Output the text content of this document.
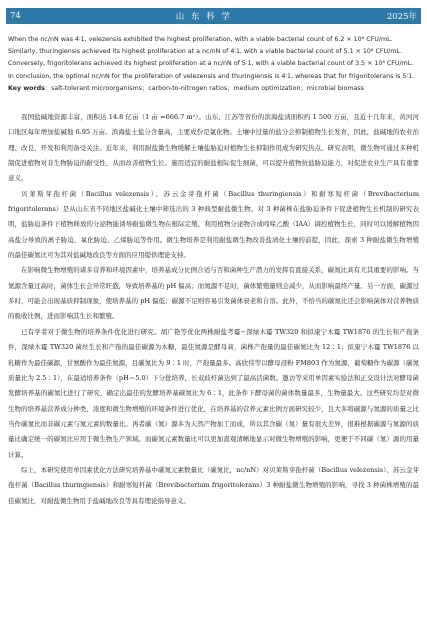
74	山 东 科 学	2025年

When the nc/nN was 4∶1, velezensis exhibited the highest proliferation, with a viable bacterial count of 6.2 × 10⁸ CFU/mL.

Similarly, thuringiensis achieved its highest proliferation at a nc/nN of 4∶1, with a viable bacterial count of 5.1 × 10⁸ CFU/mL.

Conversely, frigoritolerans achieved its highest proliferation at a nc/nN of 5∶1, with a viable bacterial count of 3.5 × 10⁸ CFU/mL.

In conclusion, the optimal nc/nN for the proliferation of velezensis and thuringiensis is 4∶1, whereas that for frigoritolerans is 5∶1.

Key words：salt-tolerant microorganisms；carbon-to-nitrogen ratios；medium optimization；microbial biomass

我国盐碱地资源丰富，面积达 14.8 亿亩（1 亩 =666.7 m²）。山东、江苏等省份的滨海盐渍面积约 1 500 万亩，且近十几年来，黄河河口地区每年增加盐碱地 6.95 万亩。滨海盐土盐分含量高，主要成份是氯化物。土壤中过量的盐分会抑制植物生长发育，因此，盐碱地的农业治理、改良、开发和利用备受关注。近年来，利用耐盐微生物缓解土壤盐胁迫对植物生长抑制作用成为研究热点。研究表明，微生物可通过多种机制促进植物对非生物胁迫的耐受性，从而改善植物生长。施用适宜的耐盐根际促生细菌，可以提升植物抗盐胁迫能力，对促进农业生产具有重要意义。

贝莱斯芽孢杆菌（Bacillus velezensis）、苏云金芽孢杆菌（Bacillus thuringiensis）和耐寒短杆菌（Brevibacterium frigoritolerans）是从山东省不同地区盐碱化土壤中筛选出的 3 种典型耐盐微生物。对 3 种菌株在盐胁迫条件下促进植物生长机制的研究表明，盐胁迫条件下植物释放的分泌物能诱导耐盐微生物在根际定殖，利用植物分泌物合成吲哚乙酸（IAA）调控植物生长，同时可以缓解植物因高盐分导致的离子胁迫、氧化胁迫、乙烯胁迫等作用。微生物培养是利用耐盐微生物改善盐渍化土壤的前提，因此，探索 3 种耐盐微生物增殖的最佳碳氮比可为其对盐碱地改良等方面的应用提供理论支持。

在影响微生物增殖的诸多营养和环境因素中，培养基成分比例合适与否和菌种生产潜力的发挥有直接关系，碳氮比具有尤其重要的影响。当氮源含量过高时，菌体生长会异常旺盛，导致培养基的 pH 偏高；而氮源不足时，菌体繁殖量则会减少，从而影响最终产量。另一方面，碳源过多时，可能会出现基质抑制现象，使培养基的 pH 偏低；碳源不足则容易引发菌体衰老和自溶。此外，不恰当的碳氮比还会影响菌体对营养物质的吸收比例，进而影响其生长和繁殖。

已有学者对于微生物的培养条件优化进行研究。胡广艳等优化两株耐盐考霉−深绿木霉 TW320 和拟康宁木霉 TW1876 的生长和产孢条件，深绿木霉 TW320 菌丝生长和产孢的最佳碳源为木糖，最佳氮源是酵母膏，菌株产孢量的最佳碳氮比为 12∶1；拟康宁木霉 TW1876 以乳糖作为最佳碳源，甘氨酸作为最佳氮源，且碳氮比为 9∶1 时，产孢量最多。高欣伟等以酵母浸粉 FM803 作为氮源，葡萄糖作为碳源（碳氮质量比为 2.5∶1），在最适培养条件（pH＝5.0）下分批培养，长双歧杆菌达到了最高活菌数。邀访等采用单因素实验法和正交设计法对酵母菌发酵培养基的碳氮比进行了研究，确定出最佳的发酵培养基碳氮比为 6∶1，此条件下酵母菌的菌体数量最多，生物量最大。这些研究均是对微生物的培养基营养成分种类、浓度和微生物增殖的环境条件进行优化，在培养基的营养元素比例方面研究较少，且大多将碳源与氮源的质量之比当作碳氮比而非碳元素与氮元素的数量比。再者碳（氮）源多为天然产物加工而成，所以其含碳（氮）量有很大差异，很难根据碳源与氮源的质量比确定统一的碳氮比应用于微生物生产领域。而碳氮元素数量比可以更加直观清晰地显示对微生物增殖的影响，更便于不同碳（氮）源的用量计算。

综上，本研究使用单因素优化方法研究培养基中碳氮元素数量比（碳氮比，nc/nN）对贝莱斯芽孢杆菌（Bacillus velezensis）、苏云金芽孢杆菌（Bacillus thuringiensis）和耐寒短杆菌（Brevibacterium frigoritolerans）3 种耐盐微生物增殖的影响，寻找 3 种菌株增殖的最佳碳氮比，对耐盐微生物用于盐碱地改良等具有理论指导意义。
